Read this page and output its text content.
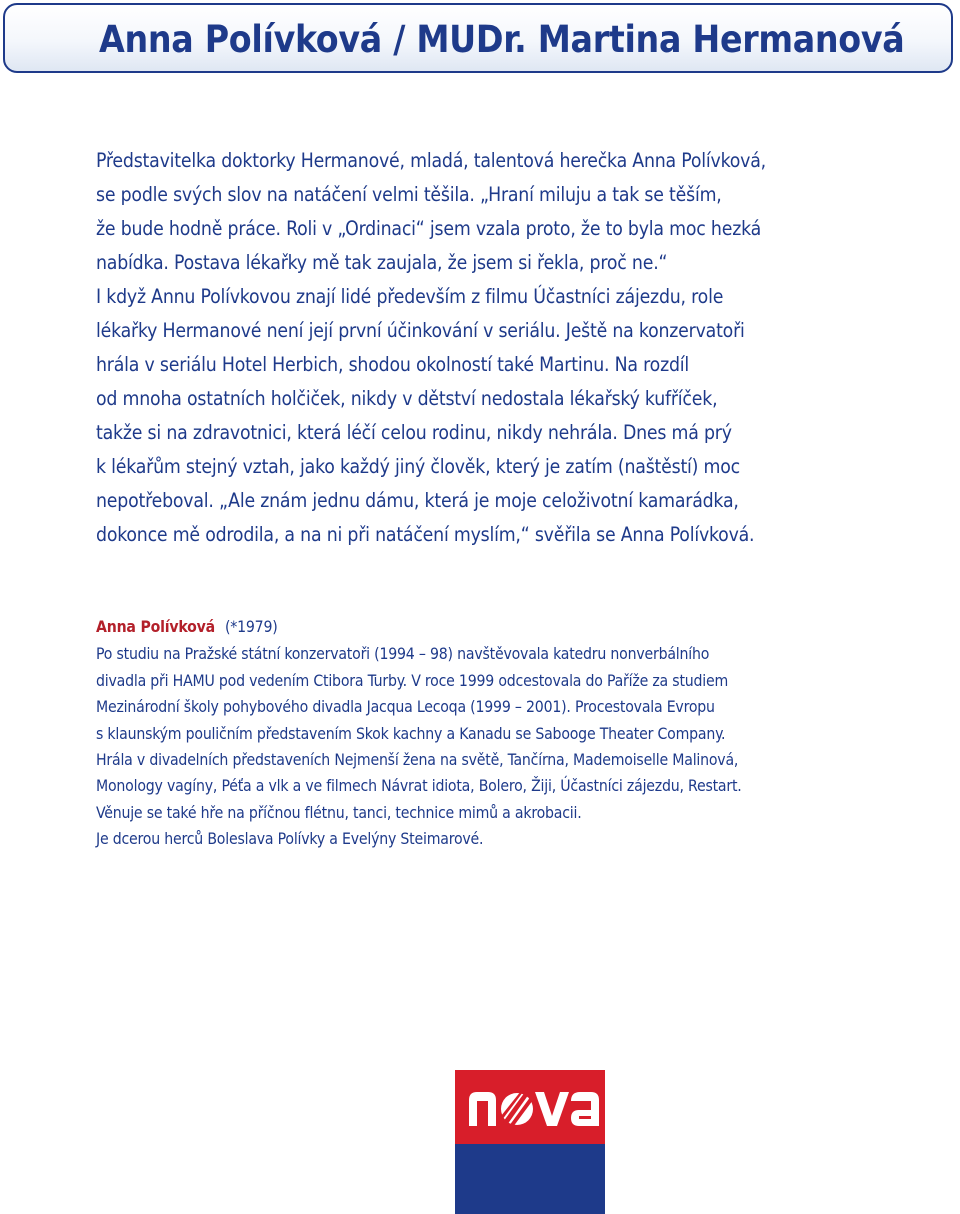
Anna Polívková / MUDr. Martina Hermanová

Představitelka doktorky Hermanové, mladá, talentová herečka Anna Polívková,
se podle svých slov na natáčení velmi těšila. „Hraní miluju a tak se těším,
že bude hodně práce. Roli v „Ordinaci“ jsem vzala proto, že to byla moc hezká
nabídka. Postava lékařky mě tak zaujala, že jsem si řekla, proč ne.“
I když Annu Polívkovou znají lidé především z filmu Účastníci zájezdu, role
lékařky Hermanové není její první účinkování v seriálu. Ještě na konzervatoři
hrála v seriálu Hotel Herbich, shodou okolností také Martinu. Na rozdíl
od mnoha ostatních holčiček, nikdy v dětství nedostala lékařský kufříček,
takže si na zdravotnici, která léčí celou rodinu, nikdy nehrála. Dnes má prý
k lékařům stejný vztah, jako každý jiný člověk, který je zatím (naštěstí) moc
nepotřeboval. „Ale znám jednu dámu, která je moje celoživotní kamarádka,
dokonce mě odrodila, a na ni při natáčení myslím,“ svěřila se Anna Polívková.

Anna Polívková (*1979)
Po studiu na Pražské státní konzervatoři (1994 – 98) navštěvovala katedru nonverbálního
divadla při HAMU pod vedením Ctibora Turby. V roce 1999 odcestovala do Paříže za studiem
Mezinárodní školy pohybového divadla Jacqua Lecoqa (1999 – 2001). Procestovala Evropu
s klaunským pouličním představením Skok kachny a Kanadu se Sabooge Theater Company.
Hrála v divadelních představeních Nejmenší žena na světě, Tančírna, Mademoiselle Malinová,
Monology vagíny, Péťa a vlk a ve filmech Návrat idiota, Bolero, Žiji, Účastníci zájezdu, Restart.
Věnuje se také hře na příčnou flétnu, tanci, technice mimů a akrobacii.
Je dcerou herců Boleslava Polívky a Evelýny Steimarové.
